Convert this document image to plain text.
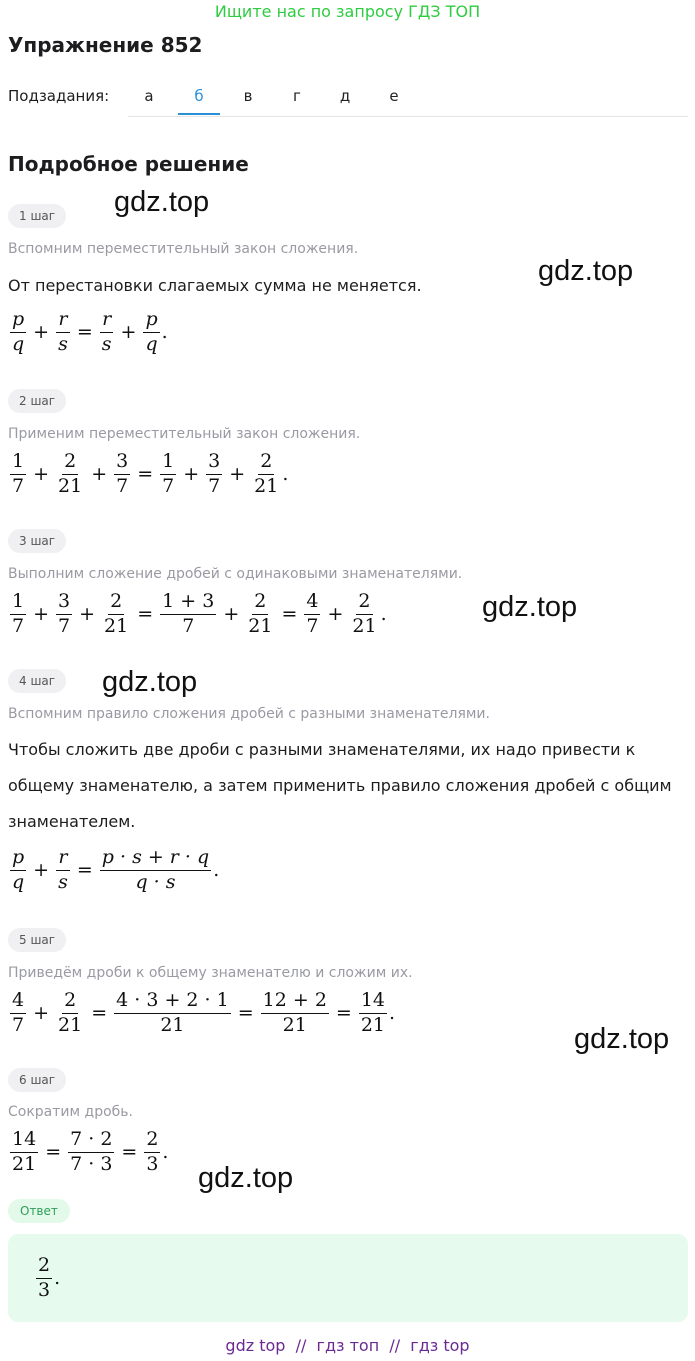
Ищите нас по запросу ГДЗ ТОП
Упражнение 852
Подзадания:	а	б	в	г	д	е
Подробное решение
1 шаг
Вспомним переместительный закон сложения.
От перестановки слагаемых сумма не меняется.
$\frac{p}{q} + \frac{r}{s} = \frac{r}{s} + \frac{p}{q}$ .
2 шаг
Применим переместительный закон сложения.
$\frac{1}{7} + \frac{2}{21} + \frac{3}{7} = \frac{1}{7} + \frac{3}{7} + \frac{2}{21}$ .
3 шаг
Выполним сложение дробей с одинаковыми знаменателями.
$\frac{1}{7} + \frac{3}{7} + \frac{2}{21} = \frac{1 + 3}{7} + \frac{2}{21} = \frac{4}{7} + \frac{2}{21}$ .
4 шаг
Вспомним правило сложения дробей с разными знаменателями.
Чтобы сложить две дроби с разными знаменателями, их надо привести к
общему знаменателю, а затем применить правило сложения дробей с общим
знаменателем.
$\frac{p}{q} + \frac{r}{s} = \frac{p \cdot s + r \cdot q}{q \cdot s}$ .
5 шаг
Приведём дроби к общему знаменателю и сложим их.
$\frac{4}{7} + \frac{2}{21} = \frac{4 \cdot 3 + 2 \cdot 1}{21} = \frac{12 + 2}{21} = \frac{14}{21}$ .
6 шаг
Сократим дробь.
$\frac{14}{21} = \frac{7 \cdot 2}{7 \cdot 3} = \frac{2}{3}$ .
Ответ
$\frac{2}{3}$ .
gdz.top
gdz.top
gdz.top
gdz.top
gdz.top
gdz.top
gdz top  //  гдз топ  //  гдз top
